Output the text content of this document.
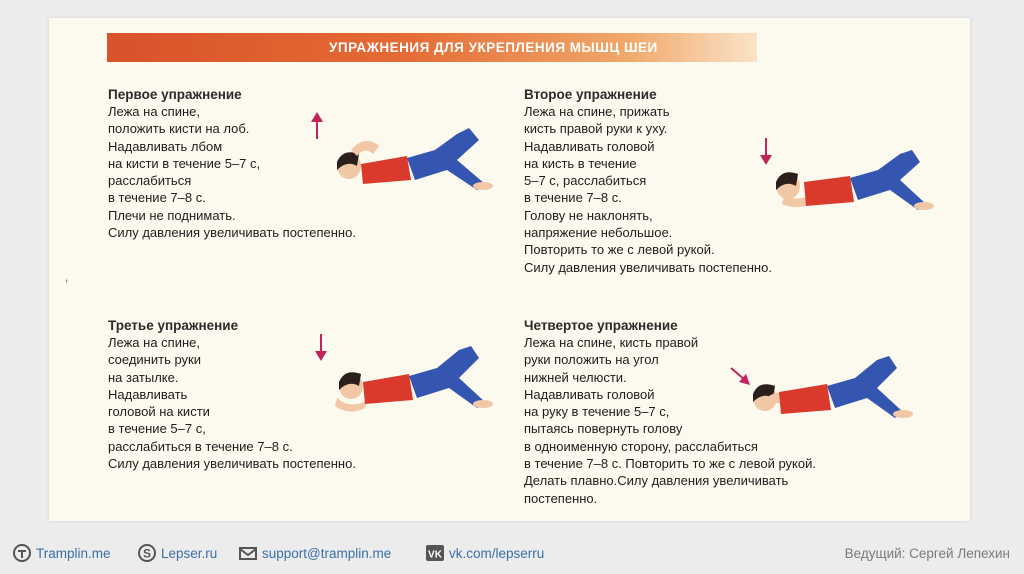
УПРАЖНЕНИЯ ДЛЯ УКРЕПЛЕНИЯ МЫШЦ ШЕИ

Первое упражнение

Лежа на спине,
положить кисти на лоб.
Надавливать лбом
на кисти в течение 5–7 с,
расслабиться
в течение 7–8 с.
Плечи не поднимать.
Силу давления увеличивать постепенно.

Второе упражнение

Лежа на спине, прижать
кисть правой руки к уху.
Надавливать головой
на кисть в течение
5–7 с, расслабиться
в течение 7–8 с.
Голову не наклонять,
напряжение небольшое.
Повторить то же с левой рукой.
Силу давления увеличивать постепенно.
‚

Третье упражнение

Лежа на спине,
соединить руки
на затылке.
Надавливать
головой на кисти
в течение 5–7 с,
расслабиться в течение 7–8 с.
Силу давления увеличивать постепенно.

Четвертое упражнение

Лежа на спине, кисть правой
руки положить на угол
нижней челюсти.
Надавливать головой
на руку в течение 5–7 с,
пытаясь повернуть голову
в одноименную сторону, расслабиться
в течение 7–8 с. Повторить то же с левой рукой.
Делать плавно.Силу давления увеличивать
постепенно.
Tramplin.me	S Lepser.ru	support@tramplin.me	VK vk.com/lepserru	Ведущий: Сергей Лепехин
